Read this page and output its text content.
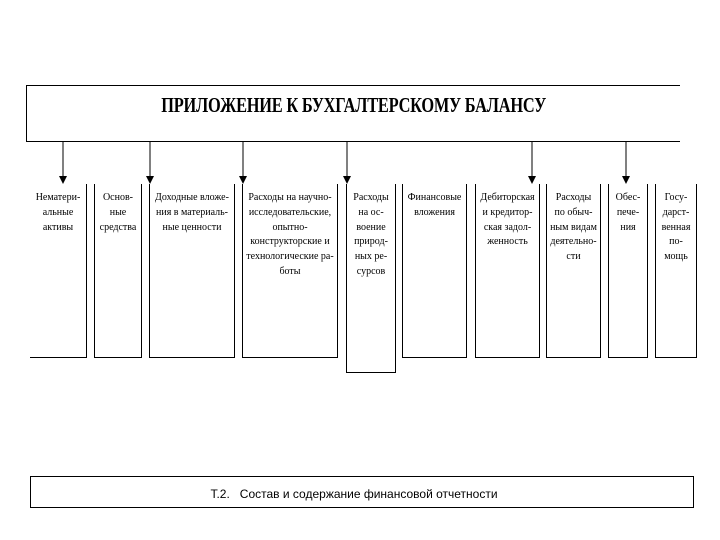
ПРИЛОЖЕНИЕ К БУХГАЛТЕРСКОМУ БАЛАНСУ
Нематери-
альные
активы
Основ-
ные
средства
Доходные вложе-
ния в материаль-
ные ценности
Расходы на научно-
исследовательские,
опытно-
конструкторские и
технологические ра-
боты
Расходы
на ос-
воение
природ-
ных ре-
сурсов
Финансовые
вложения
Дебиторская
и кредитор-
ская задол-
женность
Расходы
по обыч-
ным видам
деятельно-
сти
Обес-
пече-
ния
Госу-
дарст-
венная
по-
мощь
Т.2.   Состав и содержание финансовой отчетности
